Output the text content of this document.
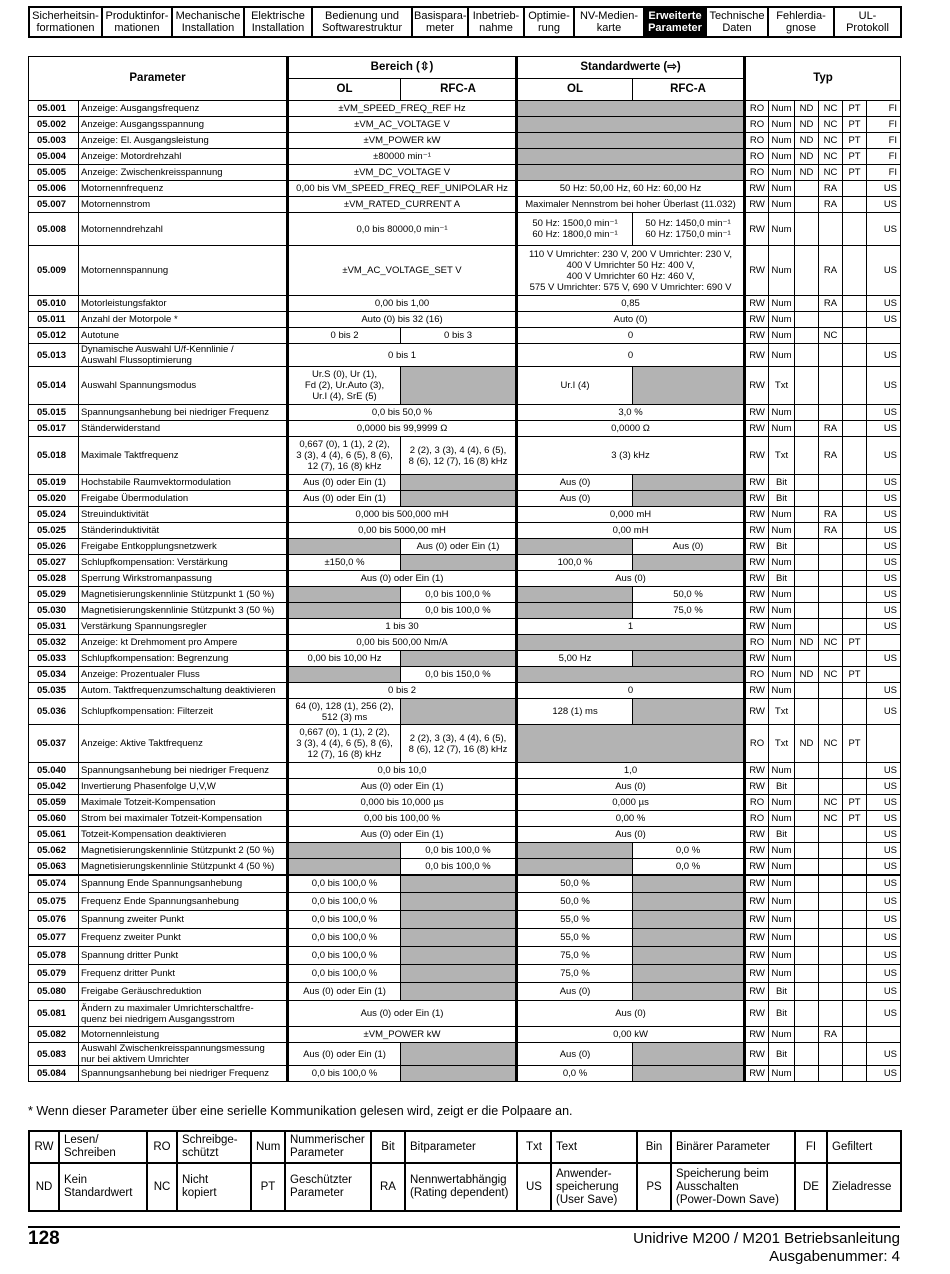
Sicherheitsin-
formationen	Produktinfor-
mationen	Mechanische
Installation	Elektrische
Installation	Bedienung und
Softwarestruktur	Basispara-
meter	Inbetrieb-
nahme	Optimie-
rung	NV-Medien-
karte	Erweiterte
Parameter	Technische
Daten	Fehlerdia-
gnose	UL-
Protokoll
Parameter		Bereich (⇳)		Standardwerte (⇨)		Typ					
		OL	RFC-A	OL	RFC-A						
05.001	Anzeige: Ausgangsfrequenz	±VM_SPEED_FREQ_REF Hz				RO	Num	ND	NC	PT	FI
05.002	Anzeige: Ausgangsspannung	±VM_AC_VOLTAGE V				RO	Num	ND	NC	PT	FI
05.003	Anzeige: El. Ausgangsleistung	±VM_POWER kW				RO	Num	ND	NC	PT	FI
05.004	Anzeige: Motordrehzahl	±80000 min⁻¹				RO	Num	ND	NC	PT	FI
05.005	Anzeige: Zwischenkreisspannung	±VM_DC_VOLTAGE V				RO	Num	ND	NC	PT	FI
05.006	Motornennfrequenz	0,00 bis VM_SPEED_FREQ_REF_UNIPOLAR Hz		50 Hz: 50,00 Hz, 60 Hz: 60,00 Hz		RW	Num		RA		US
05.007	Motornennstrom	±VM_RATED_CURRENT A		Maximaler Nennstrom bei hoher Überlast (11.032)		RW	Num		RA		US
05.008	Motornenndrehzahl	0,0 bis 80000,0 min⁻¹		50 Hz: 1500,0 min⁻¹
60 Hz: 1800,0 min⁻¹	50 Hz: 1450,0 min⁻¹
60 Hz: 1750,0 min⁻¹	RW	Num				US
05.009	Motornennspannung	±VM_AC_VOLTAGE_SET V		110 V Umrichter: 230 V, 200 V Umrichter: 230 V,
400 V Umrichter 50 Hz: 400 V,
400 V Umrichter 60 Hz: 460 V,
575 V Umrichter: 575 V, 690 V Umrichter: 690 V		RW	Num		RA		US
05.010	Motorleistungsfaktor	0,00 bis 1,00		0,85		RW	Num		RA		US
05.011	Anzahl der Motorpole *	Auto (0) bis 32 (16)		Auto (0)		RW	Num				US
05.012	Autotune	0 bis 2	0 bis 3	0		RW	Num		NC		
05.013	Dynamische Auswahl U/f-Kennlinie /
Auswahl Flussoptimierung	0 bis 1		0		RW	Num				US
05.014	Auswahl Spannungsmodus	Ur.S (0), Ur (1),
Fd (2), Ur.Auto (3),
Ur.I (4), SrE (5)		Ur.I (4)		RW	Txt				US
05.015	Spannungsanhebung bei niedriger Frequenz	0,0 bis 50,0 %		3,0 %		RW	Num				US
05.017	Ständerwiderstand	0,0000 bis 99,9999 Ω		0,0000 Ω		RW	Num		RA		US
05.018	Maximale Taktfrequenz	0,667 (0), 1 (1), 2 (2),
3 (3), 4 (4), 6 (5), 8 (6),
12 (7), 16 (8) kHz	2 (2), 3 (3), 4 (4), 6 (5),
8 (6), 12 (7), 16 (8) kHz	3 (3) kHz		RW	Txt		RA		US
05.019	Hochstabile Raumvektormodulation	Aus (0) oder Ein (1)		Aus (0)		RW	Bit				US
05.020	Freigabe Übermodulation	Aus (0) oder Ein (1)		Aus (0)		RW	Bit				US
05.024	Streuinduktivität	0,000 bis 500,000 mH		0,000 mH		RW	Num		RA		US
05.025	Ständerinduktivität	0,00 bis 5000,00 mH		0,00 mH		RW	Num		RA		US
05.026	Freigabe Entkopplungsnetzwerk		Aus (0) oder Ein (1)		Aus (0)	RW	Bit				US
05.027	Schlupfkompensation: Verstärkung	±150,0 %		100,0 %		RW	Num				US
05.028	Sperrung Wirkstromanpassung	Aus (0) oder Ein (1)		Aus (0)		RW	Bit				US
05.029	Magnetisierungskennlinie Stützpunkt 1 (50 %)		0,0 bis 100,0 %		50,0 %	RW	Num				US
05.030	Magnetisierungskennlinie Stützpunkt 3 (50 %)		0,0 bis 100,0 %		75,0 %	RW	Num				US
05.031	Verstärkung Spannungsregler	1 bis 30		1		RW	Num				US
05.032	Anzeige: kt Drehmoment pro Ampere	0,00 bis 500,00 Nm/A				RO	Num	ND	NC	PT	
05.033	Schlupfkompensation: Begrenzung	0,00 bis 10,00 Hz		5,00 Hz		RW	Num				US
05.034	Anzeige: Prozentualer Fluss		0,0 bis 150,0 %			RO	Num	ND	NC	PT	
05.035	Autom. Taktfrequenzumschaltung deaktivieren	0 bis 2		0		RW	Num				US
05.036	Schlupfkompensation: Filterzeit	64 (0), 128 (1), 256 (2),
512 (3) ms		128 (1) ms		RW	Txt				US
05.037	Anzeige: Aktive Taktfrequenz	0,667 (0), 1 (1), 2 (2),
3 (3), 4 (4), 6 (5), 8 (6),
12 (7), 16 (8) kHz	2 (2), 3 (3), 4 (4), 6 (5),
8 (6), 12 (7), 16 (8) kHz			RO	Txt	ND	NC	PT	
05.040	Spannungsanhebung bei niedriger Frequenz	0,0 bis 10,0		1,0		RW	Num				US
05.042	Invertierung Phasenfolge U,V,W	Aus (0) oder Ein (1)		Aus (0)		RW	Bit				US
05.059	Maximale Totzeit-Kompensation	0,000 bis 10,000 µs		0,000 µs		RO	Num		NC	PT	US
05.060	Strom bei maximaler Totzeit-Kompensation	0,00 bis 100,00 %		0,00 %		RO	Num		NC	PT	US
05.061	Totzeit-Kompensation deaktivieren	Aus (0) oder Ein (1)		Aus (0)		RW	Bit				US
05.062	Magnetisierungskennlinie Stützpunkt 2 (50 %)		0,0 bis 100,0 %		0,0 %	RW	Num				US
05.063	Magnetisierungskennlinie Stützpunkt 4 (50 %)		0,0 bis 100,0 %		0,0 %	RW	Num				US
05.074	Spannung Ende Spannungsanhebung	0,0 bis 100,0 %		50,0 %		RW	Num				US
05.075	Frequenz Ende Spannungsanhebung	0,0 bis 100,0 %		50,0 %		RW	Num				US
05.076	Spannung zweiter Punkt	0,0 bis 100,0 %		55,0 %		RW	Num				US
05.077	Frequenz zweiter Punkt	0,0 bis 100,0 %		55,0 %		RW	Num				US
05.078	Spannung dritter Punkt	0,0 bis 100,0 %		75,0 %		RW	Num				US
05.079	Frequenz dritter Punkt	0,0 bis 100,0 %		75,0 %		RW	Num				US
05.080	Freigabe Geräuschreduktion	Aus (0) oder Ein (1)		Aus (0)		RW	Bit				US
05.081	Ändern zu maximaler Umrichterschaltfre-
quenz bei niedrigem Ausgangsstrom	Aus (0) oder Ein (1)		Aus (0)		RW	Bit				US
05.082	Motornennleistung	±VM_POWER kW		0,00 kW		RW	Num		RA		
05.083	Auswahl Zwischenkreisspannungsmessung
nur bei aktivem Umrichter	Aus (0) oder Ein (1)		Aus (0)		RW	Bit				US
05.084	Spannungsanhebung bei niedriger Frequenz	0,0 bis 100,0 %		0,0 %		RW	Num				US
* Wenn dieser Parameter über eine serielle Kommunikation gelesen wird, zeigt er die Polpaare an.
RW	Lesen/
Schreiben	RO	Schreibge-
schützt	Num	Nummerischer
Parameter	Bit	Bitparameter	Txt	Text	Bin	Binärer Parameter	FI	Gefiltert
ND	Kein
Standardwert	NC	Nicht
kopiert	PT	Geschützter
Parameter	RA	Nennwertabhängig
(Rating dependent)	US	Anwender-
speicherung
(User Save)	PS	Speicherung beim
Ausschalten
(Power-Down Save)	DE	Zieladresse
128	Unidrive M200 / M201 Betriebsanleitung
Ausgabenummer: 4
